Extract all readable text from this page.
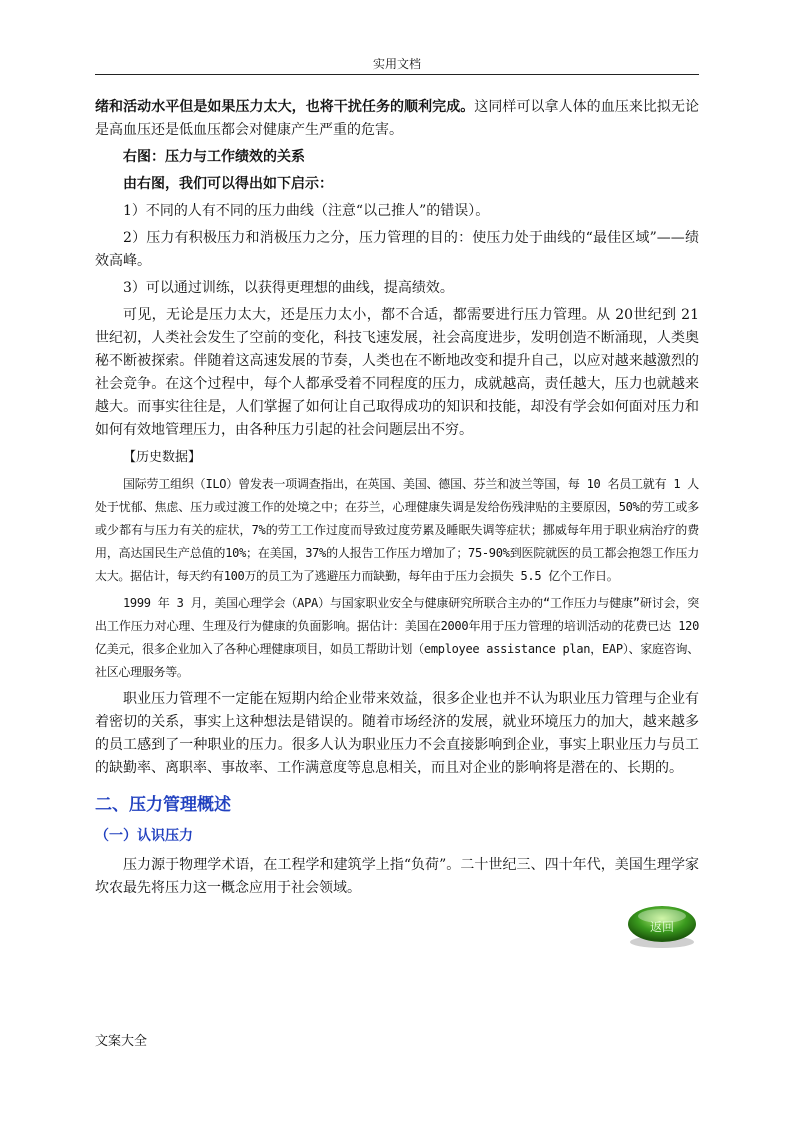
实用文档

绪和活动水平但是如果压力太大，也将干扰任务的顺利完成。这同样可以拿人体的血压来比拟无论是高血压还是低血压都会对健康产生严重的危害。

右图：压力与工作绩效的关系

由右图，我们可以得出如下启示：

1）不同的人有不同的压力曲线（注意“以己推人”的错误）。

2）压力有积极压力和消极压力之分，压力管理的目的：使压力处于曲线的“最佳区域”——绩效高峰。

3）可以通过训练，以获得更理想的曲线，提高绩效。

可见，无论是压力太大，还是压力太小，都不合适，都需要进行压力管理。从 20世纪到 21世纪初，人类社会发生了空前的变化，科技飞速发展，社会高度进步，发明创造不断涌现，人类奥秘不断被探索。伴随着这高速发展的节奏，人类也在不断地改变和提升自己，以应对越来越激烈的社会竞争。在这个过程中，每个人都承受着不同程度的压力，成就越高，责任越大，压力也就越来越大。而事实往往是，人们掌握了如何让自己取得成功的知识和技能，却没有学会如何面对压力和如何有效地管理压力，由各种压力引起的社会问题层出不穷。

【历史数据】

国际劳工组织（ILO）曾发表一项调查指出，在英国、美国、德国、芬兰和波兰等国，每 10 名员工就有 1 人处于忧郁、焦虑、压力或过渡工作的处境之中；在芬兰，心理健康失调是发给伤残津贴的主要原因，50%的劳工或多或少都有与压力有关的症状，7%的劳工工作过度而导致过度劳累及睡眠失调等症状；挪威每年用于职业病治疗的费用，高达国民生产总值的10%；在美国，37%的人报告工作压力增加了；75-90%到医院就医的员工都会抱怨工作压力太大。据估计，每天约有100万的员工为了逃避压力而缺勤，每年由于压力会损失 5.5 亿个工作日。

1999 年 3 月，美国心理学会（APA）与国家职业安全与健康研究所联合主办的“工作压力与健康”研讨会，突出工作压力对心理、生理及行为健康的负面影响。据估计：美国在2000年用于压力管理的培训活动的花费已达 120 亿美元，很多企业加入了各种心理健康项目，如员工帮助计划（employee assistance plan，EAP）、家庭咨询、社区心理服务等。

职业压力管理不一定能在短期内给企业带来效益，很多企业也并不认为职业压力管理与企业有着密切的关系，事实上这种想法是错误的。随着市场经济的发展，就业环境压力的加大，越来越多的员工感到了一种职业的压力。很多人认为职业压力不会直接影响到企业，事实上职业压力与员工的缺勤率、离职率、事故率、工作满意度等息息相关，而且对企业的影响将是潜在的、长期的。

二、压力管理概述
（一）认识压力

压力源于物理学术语，在工程学和建筑学上指“负荷”。二十世纪三、四十年代，美国生理学家坎农最先将压力这一概念应用于社会领域。

返回
文案大全
